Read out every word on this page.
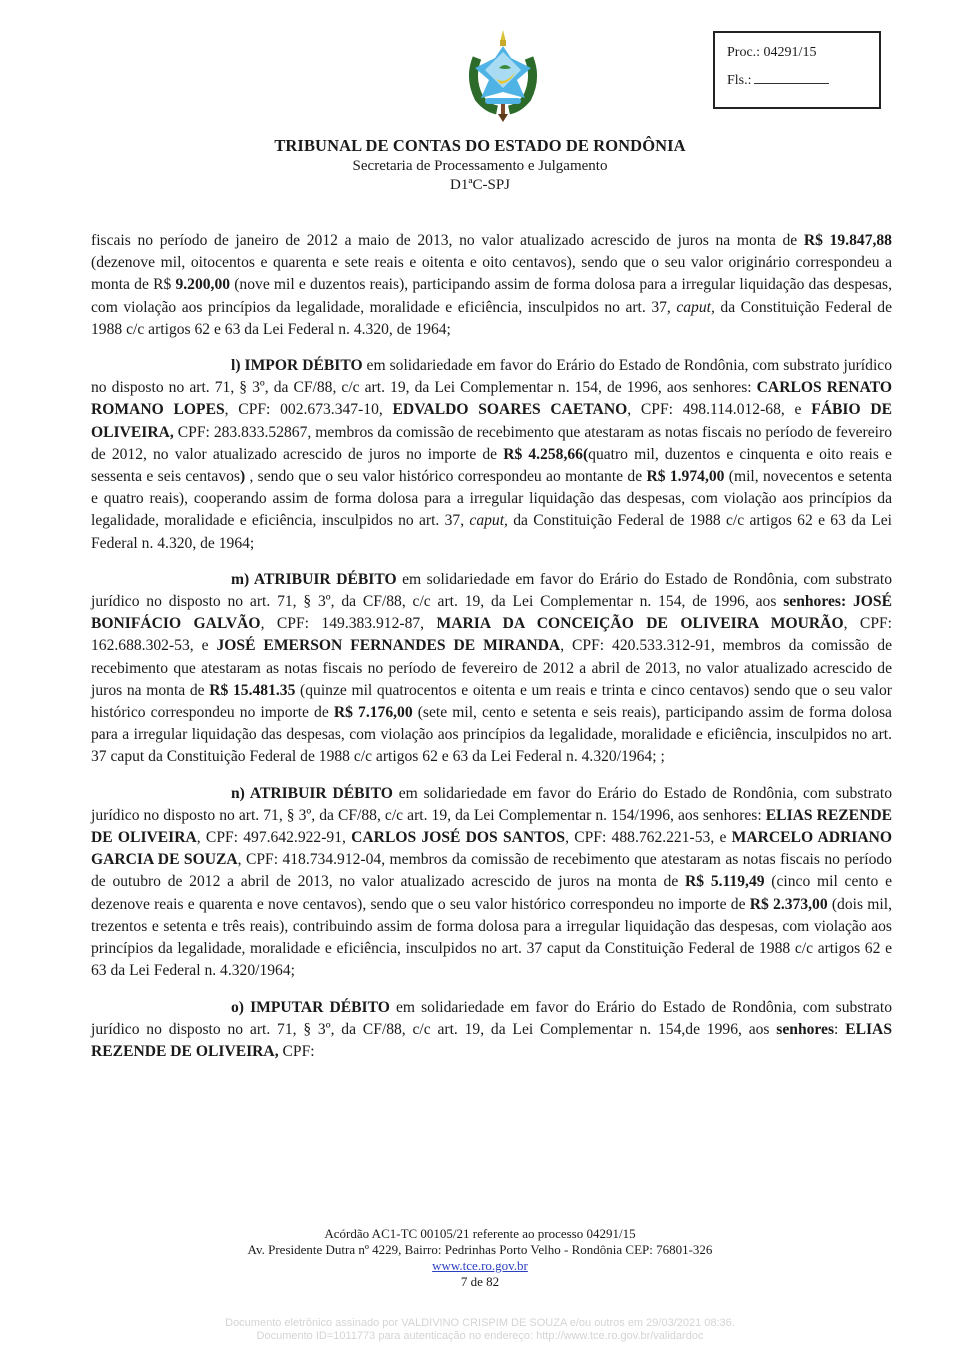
Proc.: 04291/15
Fls.:
TRIBUNAL DE CONTAS DO ESTADO DE RONDÔNIA
Secretaria de Processamento e Julgamento
D1ªC-SPJ

fiscais no período de janeiro de 2012 a maio de 2013, no valor atualizado acrescido de juros na monta de R$ 19.847,88 (dezenove mil, oitocentos e quarenta e sete reais e oitenta e oito centavos), sendo que o seu valor originário correspondeu a monta de R$ 9.200,00 (nove mil e duzentos reais), participando assim de forma dolosa para a irregular liquidação das despesas, com violação aos princípios da legalidade, moralidade e eficiência, insculpidos no art. 37, caput, da Constituição Federal de 1988 c/c artigos 62 e 63 da Lei Federal n. 4.320, de 1964;

l) IMPOR DÉBITO em solidariedade em favor do Erário do Estado de Rondônia, com substrato jurídico no disposto no art. 71, § 3º, da CF/88, c/c art. 19, da Lei Complementar n. 154, de 1996, aos senhores: CARLOS RENATO ROMANO LOPES, CPF: 002.673.347-10, EDVALDO SOARES CAETANO, CPF: 498.114.012-68, e FÁBIO DE OLIVEIRA, CPF: 283.833.52867, membros da comissão de recebimento que atestaram as notas fiscais no período de fevereiro de 2012, no valor atualizado acrescido de juros no importe de R$ 4.258,66(quatro mil, duzentos e cinquenta e oito reais e sessenta e seis centavos) , sendo que o seu valor histórico correspondeu ao montante de R$ 1.974,00 (mil, novecentos e setenta e quatro reais), cooperando assim de forma dolosa para a irregular liquidação das despesas, com violação aos princípios da legalidade, moralidade e eficiência, insculpidos no art. 37, caput, da Constituição Federal de 1988 c/c artigos 62 e 63 da Lei Federal n. 4.320, de 1964;

m) ATRIBUIR DÉBITO em solidariedade em favor do Erário do Estado de Rondônia, com substrato jurídico no disposto no art. 71, § 3º, da CF/88, c/c art. 19, da Lei Complementar n. 154, de 1996, aos senhores: JOSÉ BONIFÁCIO GALVÃO, CPF: 149.383.912-87, MARIA DA CONCEIÇÃO DE OLIVEIRA MOURÃO, CPF: 162.688.302-53, e JOSÉ EMERSON FERNANDES DE MIRANDA, CPF: 420.533.312-91, membros da comissão de recebimento que atestaram as notas fiscais no período de fevereiro de 2012 a abril de 2013, no valor atualizado acrescido de juros na monta de R$ 15.481.35 (quinze mil quatrocentos e oitenta e um reais e trinta e cinco centavos) sendo que o seu valor histórico correspondeu no importe de R$ 7.176,00 (sete mil, cento e setenta e seis reais), participando assim de forma dolosa para a irregular liquidação das despesas, com violação aos princípios da legalidade, moralidade e eficiência, insculpidos no art. 37 caput da Constituição Federal de 1988 c/c artigos 62 e 63 da Lei Federal n. 4.320/1964; ;

n) ATRIBUIR DÉBITO em solidariedade em favor do Erário do Estado de Rondônia, com substrato jurídico no disposto no art. 71, § 3º, da CF/88, c/c art. 19, da Lei Complementar n. 154/1996, aos senhores: ELIAS REZENDE DE OLIVEIRA, CPF: 497.642.922-91, CARLOS JOSÉ DOS SANTOS, CPF: 488.762.221-53, e MARCELO ADRIANO GARCIA DE SOUZA, CPF: 418.734.912-04, membros da comissão de recebimento que atestaram as notas fiscais no período de outubro de 2012 a abril de 2013, no valor atualizado acrescido de juros na monta de R$ 5.119,49 (cinco mil cento e dezenove reais e quarenta e nove centavos), sendo que o seu valor histórico correspondeu no importe de R$ 2.373,00 (dois mil, trezentos e setenta e três reais), contribuindo assim de forma dolosa para a irregular liquidação das despesas, com violação aos princípios da legalidade, moralidade e eficiência, insculpidos no art. 37 caput da Constituição Federal de 1988 c/c artigos 62 e 63 da Lei Federal n. 4.320/1964;

o) IMPUTAR DÉBITO em solidariedade em favor do Erário do Estado de Rondônia, com substrato jurídico no disposto no art. 71, § 3º, da CF/88, c/c art. 19, da Lei Complementar n. 154,de 1996, aos senhores: ELIAS REZENDE DE OLIVEIRA, CPF:

Acórdão AC1-TC 00105/21 referente ao processo 04291/15
Av. Presidente Dutra nº 4229, Bairro: Pedrinhas Porto Velho - Rondônia CEP: 76801-326
www.tce.ro.gov.br
7 de 82
Documento eletrônico assinado por VALDIVINO CRISPIM DE SOUZA e/ou outros em 29/03/2021 08:36.
Documento ID=1011773 para autenticação no endereço: http://www.tce.ro.gov.br/validardoc
